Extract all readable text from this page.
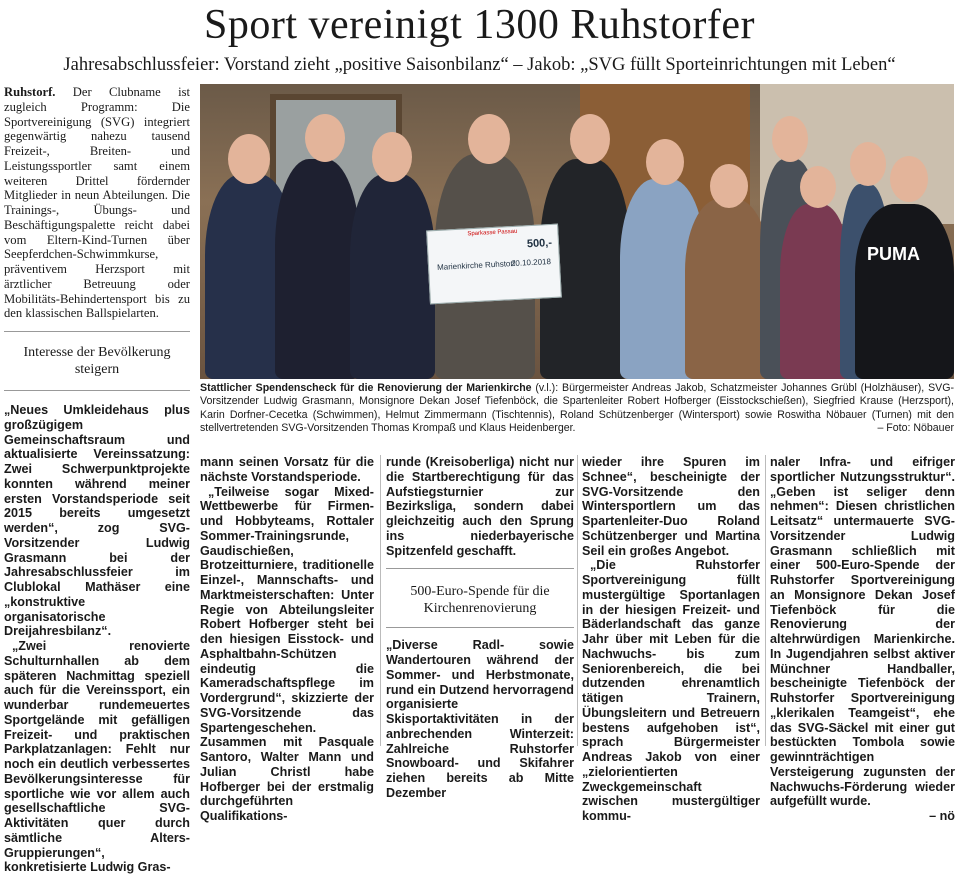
Sport vereinigt 1300 Ruhstorfer
Jahresabschlussfeier: Vorstand zieht „positive Saisonbilanz“ – Jakob: „SVG füllt Sporteinrichtungen mit Leben“

Ruhstorf. Der Clubname ist zugleich Programm: Die Sportvereinigung (SVG) integriert gegenwärtig nahezu tausend Freizeit-, Breiten- und Leistungssportler samt einem weiteren Drittel fördernder Mitglieder in neun Abteilungen. Die Trainings-, Übungs- und Beschäftigungspalette reicht dabei vom Eltern-Kind-Turnen über Seepferdchen-Schwimmkurse, präventivem Herzsport mit ärztlicher Betreuung oder Mobilitäts-Behindertensport bis zu den klassischen Ballspielarten.

Interesse der Bevölkerung steigern

„Neues Umkleidehaus plus großzügigem Gemeinschaftsraum und aktualisierte Vereinssatzung: Zwei Schwerpunktprojekte konnten während meiner ersten Vorstandsperiode seit 2015 bereits umgesetzt werden“, zog SVG-Vorsitzender Ludwig Grasmann bei der Jahresabschlussfeier im Clublokal Mathäser eine „konstruktive organisatorische Dreijahresbilanz“.

„Zwei renovierte Schulturnhallen ab dem späteren Nachmittag speziell auch für die Vereinssport, ein wunderbar rundemeuertes Sportgelände mit gefälligen Freizeit- und praktischen Parkplatzanlagen: Fehlt nur noch ein deutlich verbessertes Bevölkerungsinteresse für sportliche wie vor allem auch gesellschaftliche SVG-Aktivitäten quer durch sämtliche Alters-Gruppierungen“, konkretisierte Ludwig Gras-

PUMA
Sparkasse Passau
500,-
Marienkirche Ruhstorf
20.10.2018
Stattlicher Spendenscheck für die Renovierung der Marienkirche (v.l.): Bürgermeister Andreas Jakob, Schatzmeister Johannes Grübl (Holzhäuser), SVG-Vorsitzender Ludwig Grasmann, Monsignore Dekan Josef Tiefenböck, die Spartenleiter Robert Hofberger (Eisstockschießen), Siegfried Krause (Herzsport), Karin Dorfner-Cecetka (Schwimmen), Helmut Zimmermann (Tischtennis), Roland Schützenberger (Wintersport) sowie Roswitha Nöbauer (Turnen) mit den stellvertretenden SVG-Vorsitzenden Thomas Krompaß und Klaus Heidenberger.	– Foto: Nöbauer

mann seinen Vorsatz für die nächste Vorstandsperiode.

„Teilweise sogar Mixed-Wettbewerbe für Firmen- und Hobbyteams, Rottaler Sommer-Trainingsrunde, Gaudischießen, Brotzeitturniere, traditionelle Einzel-, Mannschafts- und Marktmeisterschaften: Unter Regie von Abteilungsleiter Robert Hofberger steht bei den hiesigen Eisstock- und Asphaltbahn-Schützen eindeutig die Kameradschaftspflege im Vordergrund“, skizzierte der SVG-Vorsitzende das Spartengeschehen. Zusammen mit Pasquale Santoro, Walter Mann und Julian Christl habe Hofberger bei der erstmalig durchgeführten Qualifikations-

runde (Kreisoberliga) nicht nur die Startberechtigung für das Aufstiegsturnier zur Bezirksliga, sondern dabei gleichzeitig auch den Sprung ins niederbayerische Spitzenfeld geschafft.

500-Euro-Spende für die Kirchenrenovierung

„Diverse Radl- sowie Wandertouren während der Sommer- und Herbstmonate, rund ein Dutzend hervorragend organisierte Skisportaktivitäten in der anbrechenden Winterzeit: Zahlreiche Ruhstorfer Snowboard- und Skifahrer ziehen bereits ab Mitte Dezember

wieder ihre Spuren im Schnee“, bescheinigte der SVG-Vorsitzende den Wintersportlern um das Spartenleiter-Duo Roland Schützenberger und Martina Seil ein großes Angebot.

„Die Ruhstorfer Sportvereinigung füllt mustergültige Sportanlagen in der hiesigen Freizeit- und Bäderlandschaft das ganze Jahr über mit Leben für die Nachwuchs- bis zum Seniorenbereich, die bei dutzenden ehrenamtlich tätigen Trainern, Übungsleitern und Betreuern bestens aufgehoben ist“, sprach Bürgermeister Andreas Jakob von einer „zielorientierten Zweckgemeinschaft zwischen mustergültiger kommu-

naler Infra- und eifriger sportlicher Nutzungsstruktur“. „Geben ist seliger denn nehmen“: Diesen christlichen Leitsatz“ untermauerte SVG-Vorsitzender Ludwig Grasmann schließlich mit einer 500-Euro-Spende der Ruhstorfer Sportvereinigung an Monsignore Dekan Josef Tiefenböck für die Renovierung der altehrwürdigen Marienkirche. In Jugendjahren selbst aktiver Münchner Handballer, bescheinigte Tiefenböck der Ruhstorfer Sportvereinigung „klerikalen Teamgeist“, ehe das SVG-Säckel mit einer gut bestückten Tombola sowie gewinnträchtigen Versteigerung zugunsten der Nachwuchs-Förderung wieder aufgefüllt wurde.

– nö
